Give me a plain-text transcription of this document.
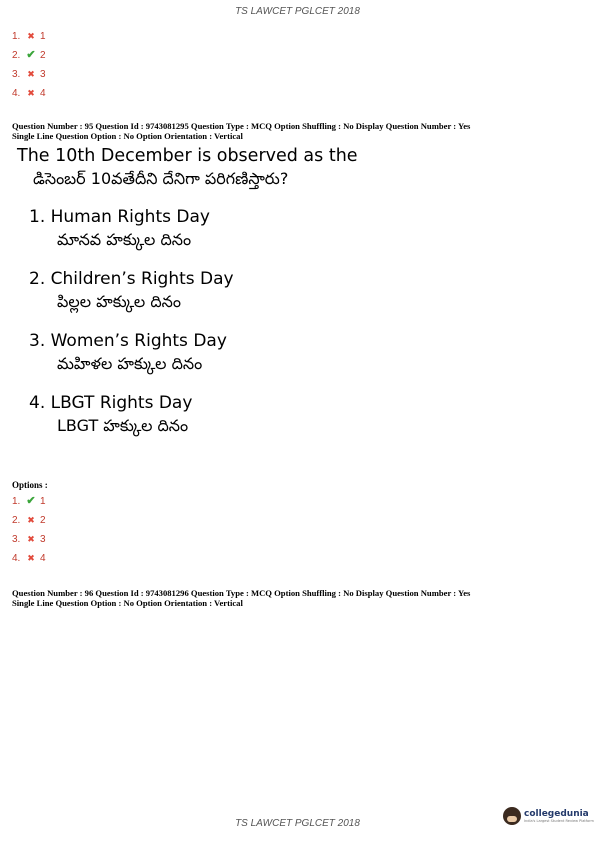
TS LAWCET PGLCET 2018
1. ✖ 1
2. ✔ 2
3. ✖ 3
4. ✖ 4
Question Number : 95 Question Id : 9743081295 Question Type : MCQ Option Shuffling : No Display Question Number : Yes
Single Line Question Option : No Option Orientation : Vertical
The 10th December is observed as the
డిసెంబర్ 10వతేదీని దేనిగా పరిగణిస్తారు?
1. Human Rights Day
మానవ హక్కుల దినం
2. Children’s Rights Day
పిల్లల హక్కుల దినం
3. Women’s Rights Day
మహిళల హక్కుల దినం
4. LBGT Rights Day
LBGT హక్కుల దినం
Options :
1. ✔ 1
2. ✖ 2
3. ✖ 3
4. ✖ 4
Question Number : 96 Question Id : 9743081296 Question Type : MCQ Option Shuffling : No Display Question Number : Yes
Single Line Question Option : No Option Orientation : Vertical
TS LAWCET PGLCET 2018
collegedunia
India's Largest Student Review Platform
